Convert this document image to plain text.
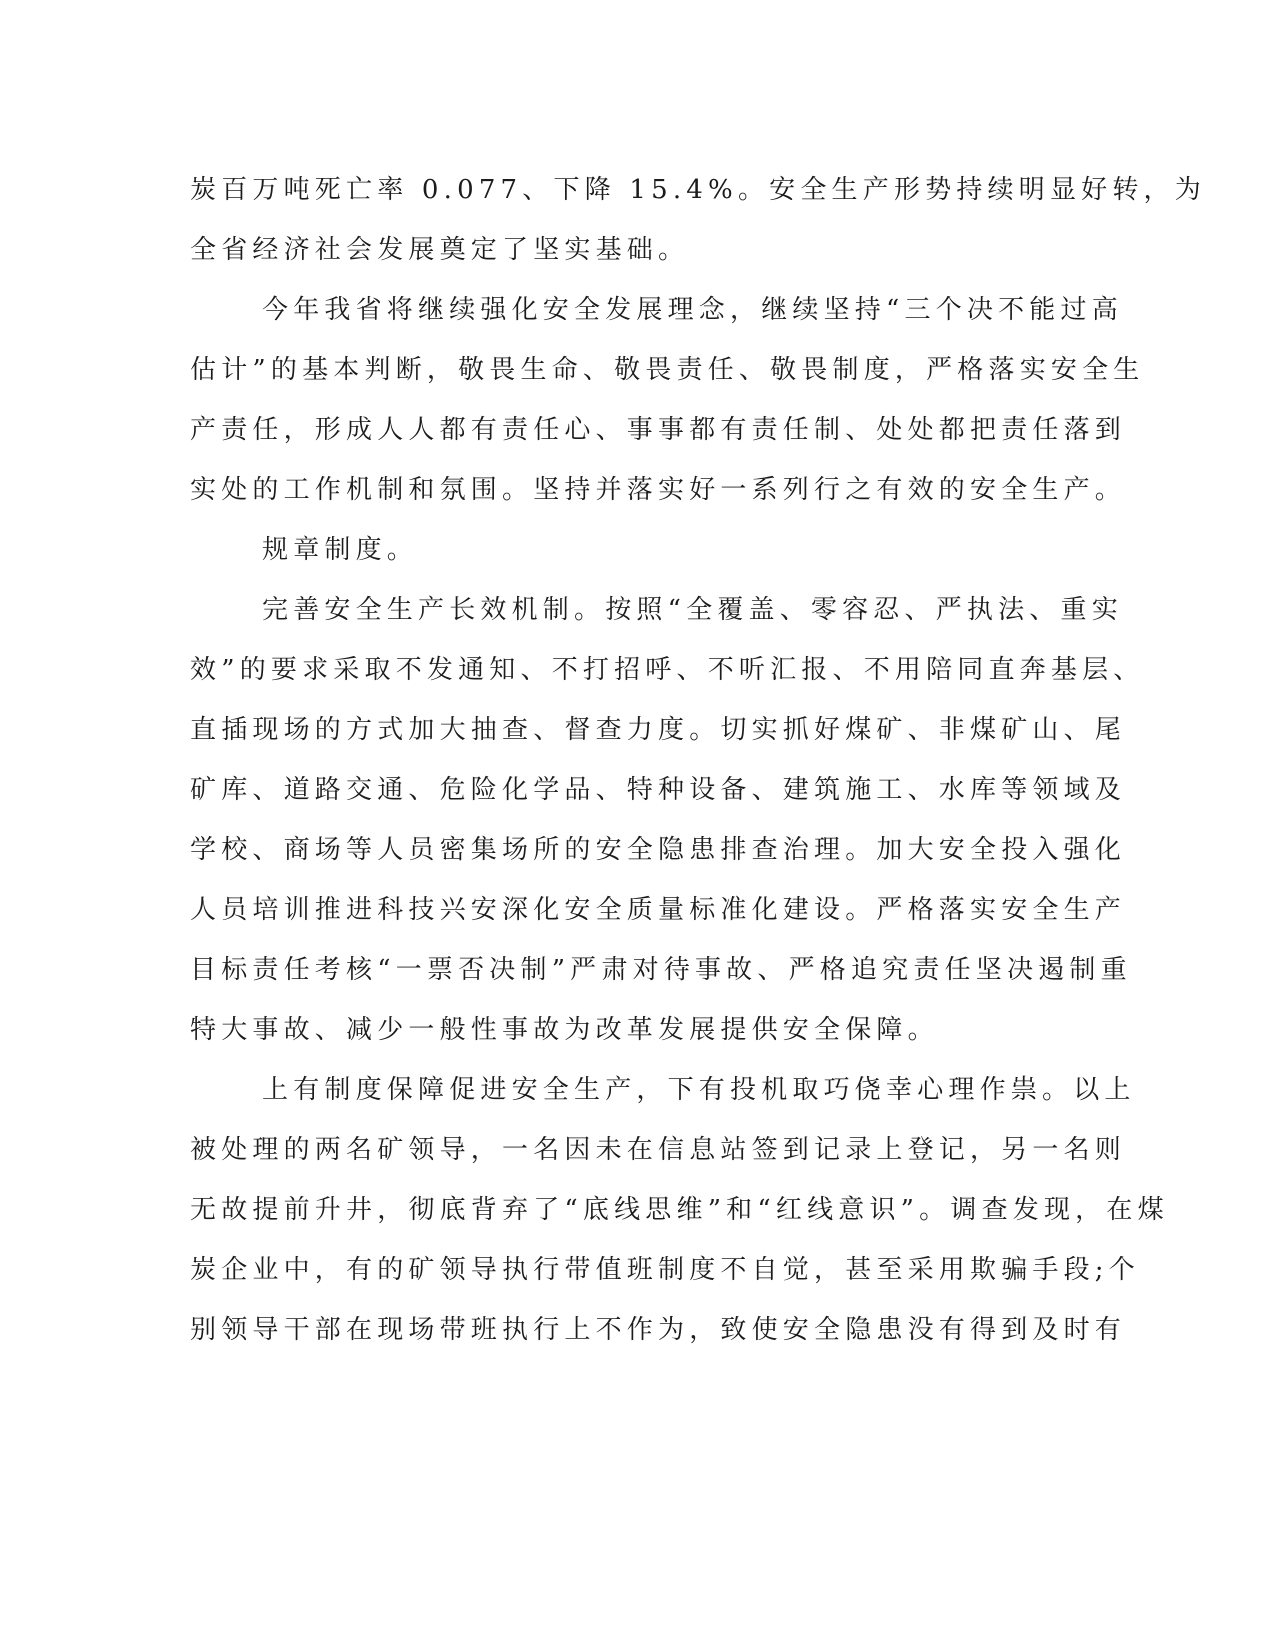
炭百万吨死亡率 0.077、下降 15.4%。安全生产形势持续明显好转，为
全省经济社会发展奠定了坚实基础。
今年我省将继续强化安全发展理念，继续坚持“三个决不能过高
估计”的基本判断，敬畏生命、敬畏责任、敬畏制度，严格落实安全生
产责任，形成人人都有责任心、事事都有责任制、处处都把责任落到
实处的工作机制和氛围。坚持并落实好一系列行之有效的安全生产。
规章制度。
完善安全生产长效机制。按照“全覆盖、零容忍、严执法、重实
效”的要求采取不发通知、不打招呼、不听汇报、不用陪同直奔基层、
直插现场的方式加大抽查、督查力度。切实抓好煤矿、非煤矿山、尾
矿库、道路交通、危险化学品、特种设备、建筑施工、水库等领域及
学校、商场等人员密集场所的安全隐患排查治理。加大安全投入强化
人员培训推进科技兴安深化安全质量标准化建设。严格落实安全生产
目标责任考核“一票否决制”严肃对待事故、严格追究责任坚决遏制重
特大事故、减少一般性事故为改革发展提供安全保障。
上有制度保障促进安全生产，下有投机取巧侥幸心理作祟。以上
被处理的两名矿领导，一名因未在信息站签到记录上登记，另一名则
无故提前升井，彻底背弃了“底线思维”和“红线意识”。调查发现，在煤
炭企业中，有的矿领导执行带值班制度不自觉，甚至采用欺骗手段;个
别领导干部在现场带班执行上不作为，致使安全隐患没有得到及时有
